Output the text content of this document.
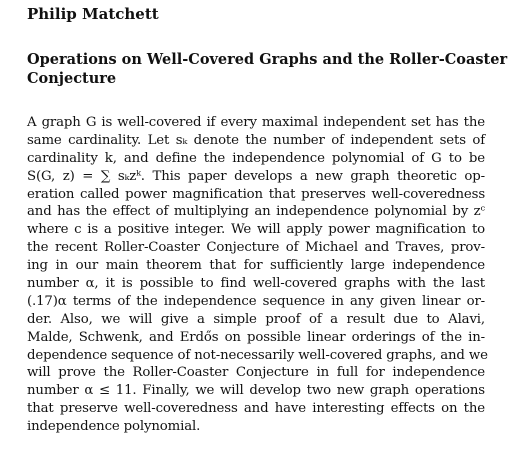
Philip Matchett
Operations on Well-Covered Graphs and the Roller-Coaster
Conjecture
A graph G is well-covered if every maximal independent set has the
same cardinality. Let sₖ denote the number of independent sets of
cardinality k, and define the independence polynomial of G to be
S(G, z) = ∑ sₖzᵏ. This paper develops a new graph theoretic op-
eration called power magnification that preserves well-coveredness
and has the effect of multiplying an independence polynomial by zᶜ
where c is a positive integer. We will apply power magnification to
the recent Roller-Coaster Conjecture of Michael and Traves, prov-
ing in our main theorem that for sufficiently large independence
number α, it is possible to find well-covered graphs with the last
(.17)α terms of the independence sequence in any given linear or-
der. Also, we will give a simple proof of a result due to Alavi,
Malde, Schwenk, and Erdős on possible linear orderings of the in-
dependence sequence of not-necessarily well-covered graphs, and we
will prove the Roller-Coaster Conjecture in full for independence
number α ≤ 11. Finally, we will develop two new graph operations
that preserve well-coveredness and have interesting effects on the
independence polynomial.
